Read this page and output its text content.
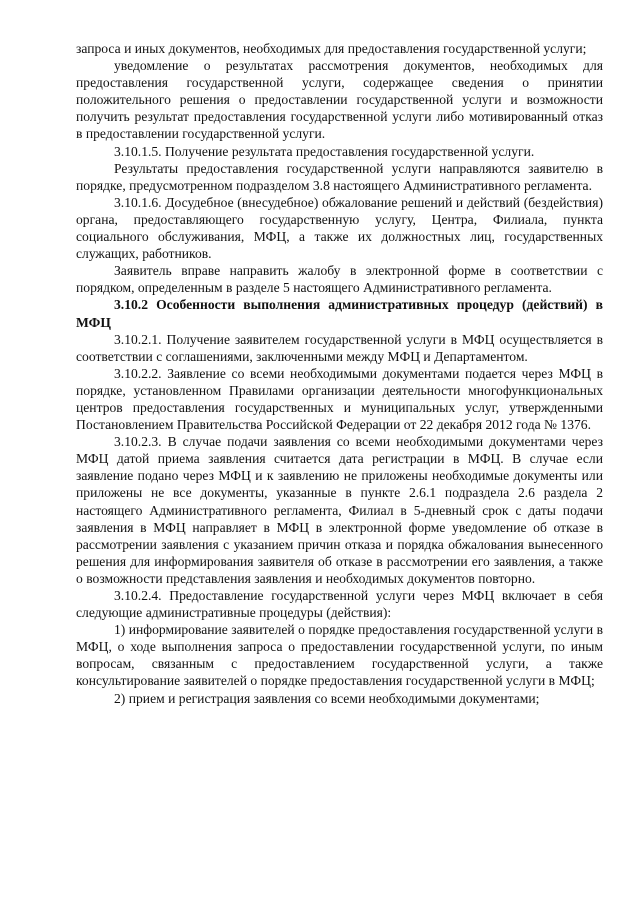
запроса и иных документов, необходимых для предоставления государственной услуги;

уведомление о результатах рассмотрения документов, необходимых для предоставления государственной услуги, содержащее сведения о принятии положительного решения о предоставлении государственной услуги и возможности получить результат предоставления государственной услуги либо мотивированный отказ в предоставлении государственной услуги.

3.10.1.5. Получение результата предоставления государственной услуги.

Результаты предоставления государственной услуги направляются заявителю в порядке, предусмотренном подразделом 3.8 настоящего Административного регламента.

3.10.1.6. Досудебное (внесудебное) обжалование решений и действий (бездействия) органа, предоставляющего государственную услугу, Центра, Филиала, пункта социального обслуживания, МФЦ, а также их должностных лиц, государственных служащих, работников.

Заявитель вправе направить жалобу в электронной форме в соответствии с порядком, определенным в разделе 5 настоящего Административного регламента.

3.10.2 Особенности выполнения административных процедур (действий) в МФЦ

3.10.2.1. Получение заявителем государственной услуги в МФЦ осуществляется в соответствии с соглашениями, заключенными между МФЦ и Департаментом.

3.10.2.2. Заявление со всеми необходимыми документами подается через МФЦ в порядке, установленном Правилами организации деятельности многофункциональных центров предоставления государственных и муниципальных услуг, утвержденными Постановлением Правительства Российской Федерации от 22 декабря 2012 года № 1376.

3.10.2.3. В случае подачи заявления со всеми необходимыми документами через МФЦ датой приема заявления считается дата регистрации в МФЦ. В случае если заявление подано через МФЦ и к заявлению не приложены необходимые документы или приложены не все документы, указанные в пункте 2.6.1 подраздела 2.6 раздела 2 настоящего Административного регламента, Филиал в 5-дневный срок с даты подачи заявления в МФЦ направляет в МФЦ в электронной форме уведомление об отказе в рассмотрении заявления с указанием причин отказа и порядка обжалования вынесенного решения для информирования заявителя об отказе в рассмотрении его заявления, а также о возможности представления заявления и необходимых документов повторно.

3.10.2.4. Предоставление государственной услуги через МФЦ включает в себя следующие административные процедуры (действия):

1) информирование заявителей о порядке предоставления государственной услуги в МФЦ, о ходе выполнения запроса о предоставлении государственной услуги, по иным вопросам, связанным с предоставлением государственной услуги, а также консультирование заявителей о порядке предоставления государственной услуги в МФЦ;

2) прием и регистрация заявления со всеми необходимыми документами;
